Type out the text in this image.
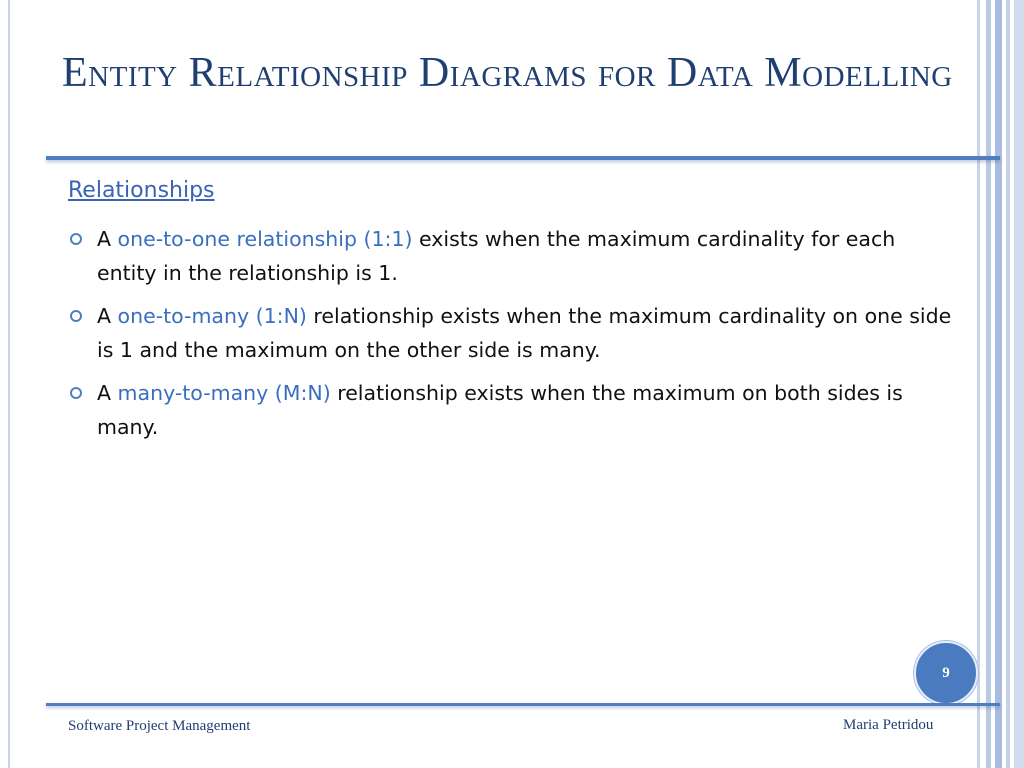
Entity Relationship Diagrams for Data Modelling
Relationships
A one-to-one relationship (1:1) exists when the maximum cardinality for each entity in the relationship is 1.
A one-to-many (1:N) relationship exists when the maximum cardinality on one side is 1 and the maximum on the other side is many.
A many-to-many (M:N) relationship exists when the maximum on both sides is many.
9
Software Project Management	Maria Petridou
